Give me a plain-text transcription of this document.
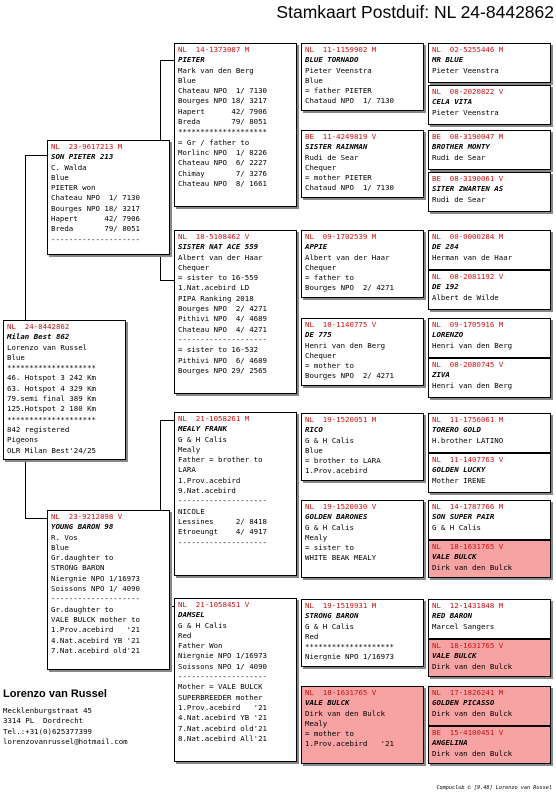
Stamkaart Postduif: NL 24-8442862
NL  24-8442862
Milan Best 862
Lorenzo van Russel
Blue
********************
46. Hotspot 3 242 Km
63. Hotspot 4 329 Km
79.semi final 389 Km
125.Hotspot 2 180 Km
********************
842 registered
Pigeons
OLR Milan Best'24/25
NL  23-9617213 M
SON PIETER 213
C. Walda
Blue
PIETER won
Chateau NPO  1/ 7130
Bourges NPO 18/ 3217
Hapert      42/ 7906
Breda       79/ 8051
--------------------
NL  23-9212898 V
YOUNG BARON 98
R. Vos
Blue
Gr.daughter to
STRONG BARON
Niergnie NPO 1/16973
Soissons NPO 1/ 4090
--------------------
Gr.daughter to
VALE BULCK mother to
1.Prov.acebird   '21
4.Nat.acebird YB '21
7.Nat.acebird old'21
NL  14-1373087 M
PIETER
Mark van den Berg
Blue
Chateau NPO  1/ 7130
Bourges NPO 18/ 3217
Hapert      42/ 7906
Breda       79/ 8051
********************
= Gr / father to
Morlinc NPO  1/ 8226
Chateau NPO  6/ 2227
Chimay       7/ 3276
Chateau NPO  8/ 1661
NL  18-5108462 V
SISTER NAT ACE 559
Albert van der Haar
Chequer
= sister to 16-559
1.Nat.acebird LD
PIPA Ranking 2018
Bourges NPO  2/ 4271
Pithivi NPO  4/ 4689
Chateau NPO  4/ 4271
--------------------
= sister to 16-532
Pithivi NPO  6/ 4689
Bourges NPO 29/ 2565
NL  21-1058261 M
MEALY FRANK
G & H Calis
Mealy
Father = brother to
LARA
1.Prov.acebird
9.Nat.acebird
--------------------
NICOLE
Lessines     2/ 8418
Etroeungt    4/ 4917
--------------------
NL  21-1058451 V
DAMSEL
G & H Calis
Red
Father Won
Niergnie NPO 1/16973
Soissons NPO 1/ 4090
--------------------
Mother = VALE BULCK
SUPERBREEDER mother
1.Prov.acebird   '21
4.Nat.acebird YB '21
7.Nat.acebird old'21
8.Nat.acebird All'21
NL  11-1159902 M
BLUE TORNADO
Pieter Veenstra
Blue
= father PIETER
Chataud NPO  1/ 7130
BE  11-4249819 V
SISTER RAINMAN
Rudi de Sear
Chequer
= mother PIETER
Chataud NPO  1/ 7130
NL  09-1702539 M
APPIE
Albert van der Haar
Chequer
= father to
Bourges NPO  2/ 4271
NL  10-1140775 V
DE 775
Henri van den Berg
Chequer
= mother to
Bourges NPO  2/ 4271
NL  19-1520051 M
RICO
G & H Calis
Blue
= brother to LARA
1.Prov.acebird
NL  19-1520030 V
GOLDEN BARONES
G & H Calis
Mealy
= sister to
WHITE BEAK MEALY
NL  19-1519931 M
STRONG BARON
G & H Calis
Red
********************
Niergnie NPO 1/16973
NL  18-1631765 V
VALE BULCK
Dirk van den Bulck
Mealy
= mother to
1.Prov.acebird   '21
NL  02-5255446 M
MR BLUE
Pieter Veenstra
NL  08-2020822 V
CELA VITA
Pieter Veenstra
BE  08-3190047 M
BROTHER MONTY
Rudi de Sear
BE  08-3190061 V
SITER ZWARTEN AS
Rudi de Sear
NL  00-0000284 M
DE 284
Herman van de Haar
NL  08-2081192 V
DE 192
Albert de Wilde
NL  09-1705916 M
LORENZO
Henri van den Berg
NL  08-2080745 V
ZIVA
Henri van den Berg
NL  11-1756061 M
TORERO GOLD
H.brother LATINO
NL  11-1407763 V
GOLDEN LUCKY
Mother IRENE
NL  14-1787766 M
SON SUPER PAIR
G & H Calis
NL  18-1631765 V
VALE BULCK
Dirk van den Bulck
NL  12-1431848 M
RED BARON
Marcel Sangers
NL  18-1631765 V
VALE BULCK
Dirk van den Bulck
NL  17-1826241 M
GOLDEN PICASSO
Dirk van den Bulck
BE  15-4100451 V
ANGELINA
Dirk van den Bulck
Lorenzo van Russel
Mecklenburgstraat 45
3314 PL  Dordrecht
Tel.:+31(0)625377399
lorenzovanrussel@hotmail.com
Compuclub © [9.48] Lorenzo van Russel
